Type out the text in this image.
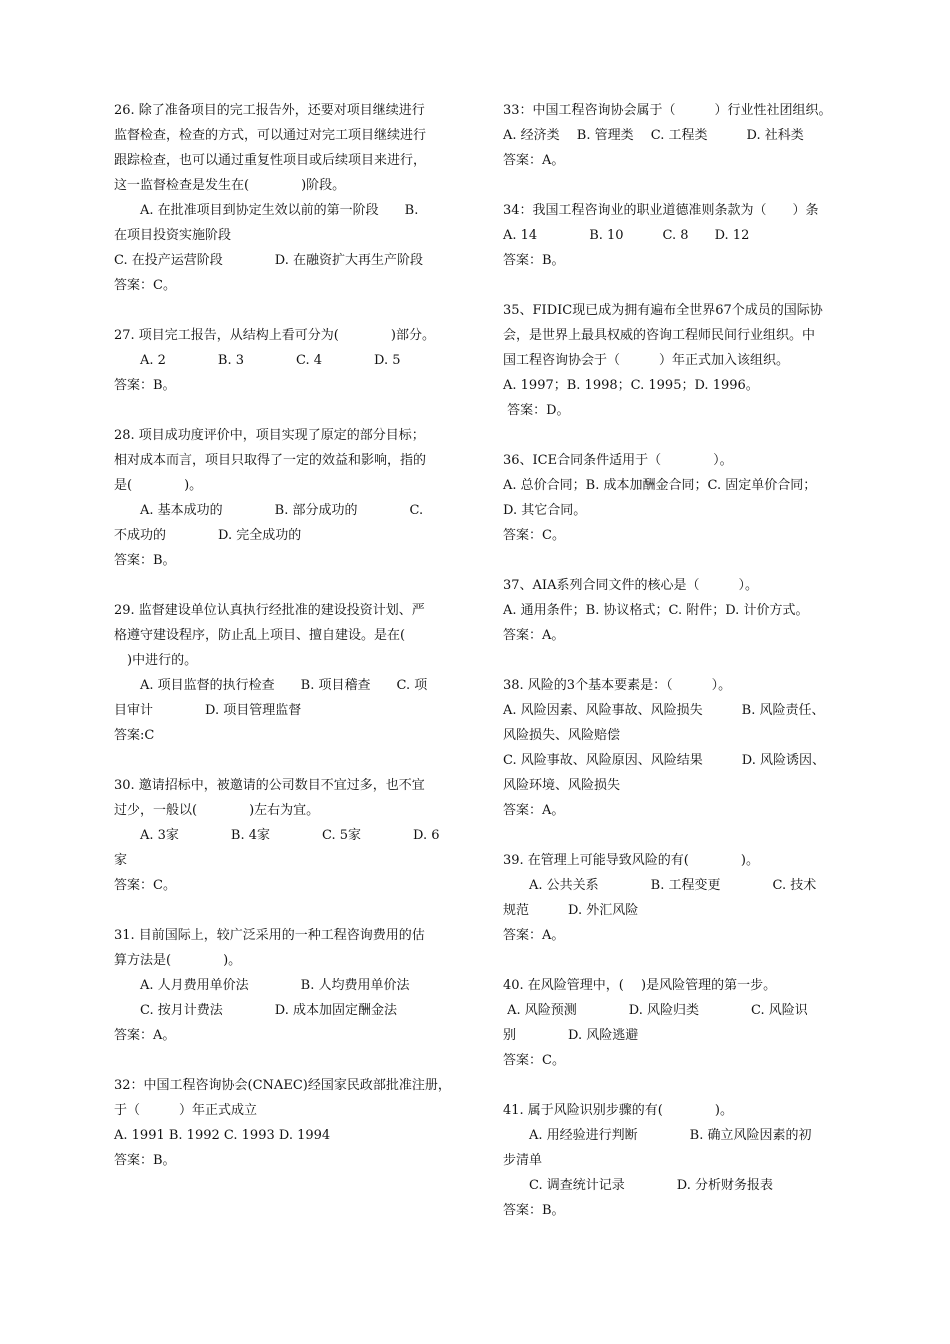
26. 除了准备项目的完工报告外，还要对项目继续进行
监督检查，检查的方式，可以通过对完工项目继续进行
跟踪检查，也可以通过重复性项目或后续项目来进行，
这一监督检查是发生在(　　　　)阶段。
　　A. 在批准项目到协定生效以前的第一阶段　　B.
在项目投资实施阶段
C. 在投产运营阶段　　　　D. 在融资扩大再生产阶段
答案：C。
27. 项目完工报告，从结构上看可分为(　　　　)部分。
　　A. 2　　　　B. 3　　　　C. 4　　　　D. 5
答案：B。
28. 项目成功度评价中，项目实现了原定的部分目标；
相对成本而言，项目只取得了一定的效益和影响，指的
是(　　　　)。
　　A. 基本成功的　　　　B. 部分成功的　　　　C.
不成功的　　　　D. 完全成功的
答案：B。
29. 监督建设单位认真执行经批准的建设投资计划、严
格遵守建设程序，防止乱上项目、擅自建设。是在(
　)中进行的。
　　A. 项目监督的执行检查　　B. 项目稽查　　C. 项
目审计　　　　D. 项目管理监督
答案:C
30. 邀请招标中，被邀请的公司数目不宜过多，也不宜
过少，一般以(　　　　)左右为宜。
　　A. 3家　　　　B. 4家　　　　C. 5家　　　　D. 6
家
答案：C。
31. 目前国际上，较广泛采用的一种工程咨询费用的估
算方法是(　　　　)。
　　A. 人月费用单价法　　　　B. 人均费用单价法
　　C. 按月计费法　　　　D. 成本加固定酬金法
答案：A。
32：中国工程咨询协会(CNAEC)经国家民政部批准注册，
于（　　　）年正式成立
A. 1991 B. 1992 C. 1993 D. 1994
答案：B。
33：中国工程咨询协会属于（　　　）行业性社团组织。
A. 经济类　 B. 管理类　 C. 工程类　　　D. 社科类
答案：A。
34：我国工程咨询业的职业道德准则条款为（　　）条
A. 14　　　　B. 10　　　C. 8　　D. 12
答案：B。
35、FIDIC现已成为拥有遍布全世界67个成员的国际协
会，是世界上最具权威的咨询工程师民间行业组织。中
国工程咨询协会于（　　　）年正式加入该组织。
A. 1997；B. 1998；C. 1995；D. 1996。
答案：D。
36、ICE合同条件适用于（　　　　）。
A. 总价合同；B. 成本加酬金合同；C. 固定单价合同；
D. 其它合同。
答案：C。
37、AIA系列合同文件的核心是（　　　）。
A. 通用条件；B. 协议格式；C. 附件；D. 计价方式。
答案：A。
38. 风险的3个基本要素是：（　　　）。
A. 风险因素、风险事故、风险损失　　　B. 风险责任、
风险损失、风险赔偿
C. 风险事故、风险原因、风险结果　　　D. 风险诱因、
风险环境、风险损失
答案：A。
39. 在管理上可能导致风险的有(　　　　)。
　　A. 公共关系　　　　B. 工程变更　　　　C. 技术
规范　　　D. 外汇风险
答案：A。
40. 在风险管理中，(　 )是风险管理的第一步。
A. 风险预测　　　　D. 风险归类　　　　C. 风险识
别　　　　D. 风险逃避
答案：C。
41. 属于风险识别步骤的有(　　　　)。
　　A. 用经验进行判断　　　　B. 确立风险因素的初
步清单
　　C. 调查统计记录　　　　D. 分析财务报表
答案：B。
